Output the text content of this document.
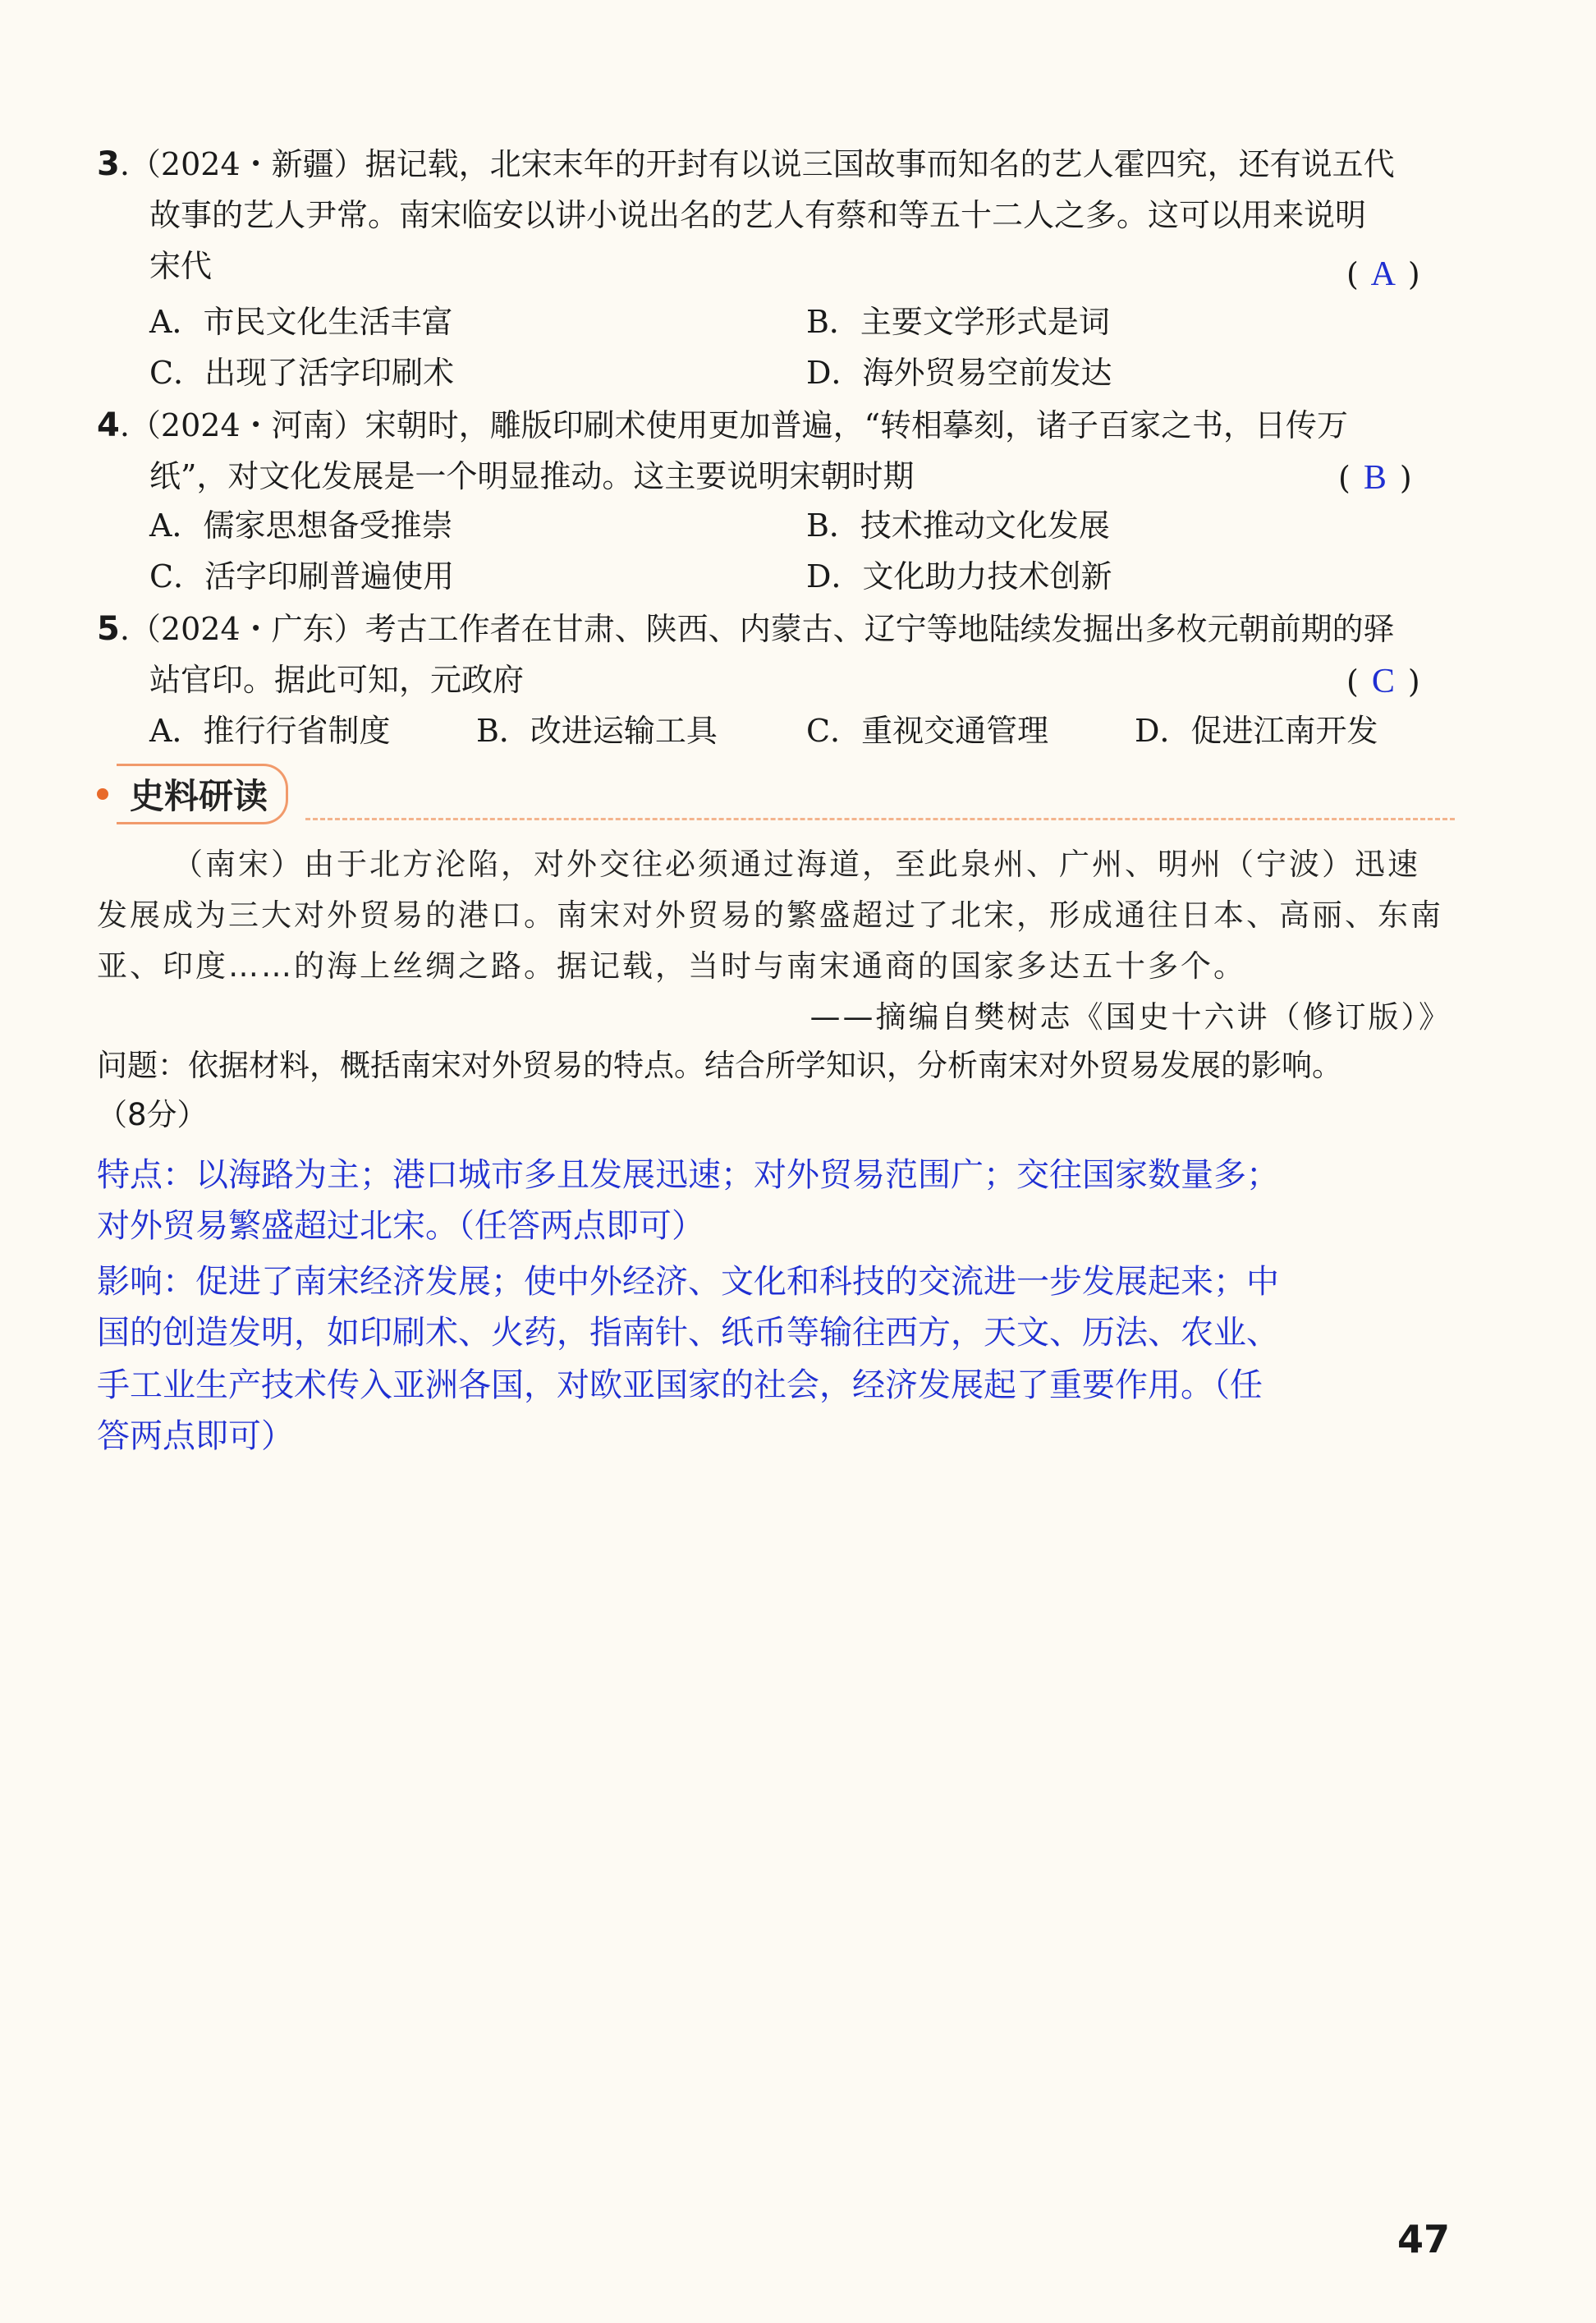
3.（2024・新疆）据记载，北宋末年的开封有以说三国故事而知名的艺人霍四究，还有说五代
故事的艺人尹常。南宋临安以讲小说出名的艺人有蔡和等五十二人之多。这可以用来说明
宋代	( A )
A．市民文化生活丰富	B．主要文学形式是词
C．出现了活字印刷术	D．海外贸易空前发达
4.（2024・河南）宋朝时，雕版印刷术使用更加普遍，“转相摹刻，诸子百家之书，日传万
纸”，对文化发展是一个明显推动。这主要说明宋朝时期	( B )
A．儒家思想备受推崇	B．技术推动文化发展
C．活字印刷普遍使用	D．文化助力技术创新
5.（2024・广东）考古工作者在甘肃、陕西、内蒙古、辽宁等地陆续发掘出多枚元朝前期的驿
站官印。据此可知，元政府	( C )
A．推行行省制度	B．改进运输工具	C．重视交通管理	D．促进江南开发
史料研读
（南宋）由于北方沦陷，对外交往必须通过海道，至此泉州、广州、明州（宁波）迅速
发展成为三大对外贸易的港口。南宋对外贸易的繁盛超过了北宋，形成通往日本、高丽、东南
亚、印度……的海上丝绸之路。据记载，当时与南宋通商的国家多达五十多个。
——摘编自樊树志《国史十六讲（修订版）》
问题：依据材料，概括南宋对外贸易的特点。结合所学知识，分析南宋对外贸易发展的影响。
（8分）
特点：以海路为主；港口城市多且发展迅速；对外贸易范围广；交往国家数量多；
对外贸易繁盛超过北宋。（任答两点即可）
影响：促进了南宋经济发展；使中外经济、文化和科技的交流进一步发展起来；中
国的创造发明，如印刷术、火药，指南针、纸币等输往西方，天文、历法、农业、
手工业生产技术传入亚洲各国，对欧亚国家的社会，经济发展起了重要作用。（任
答两点即可）
47
